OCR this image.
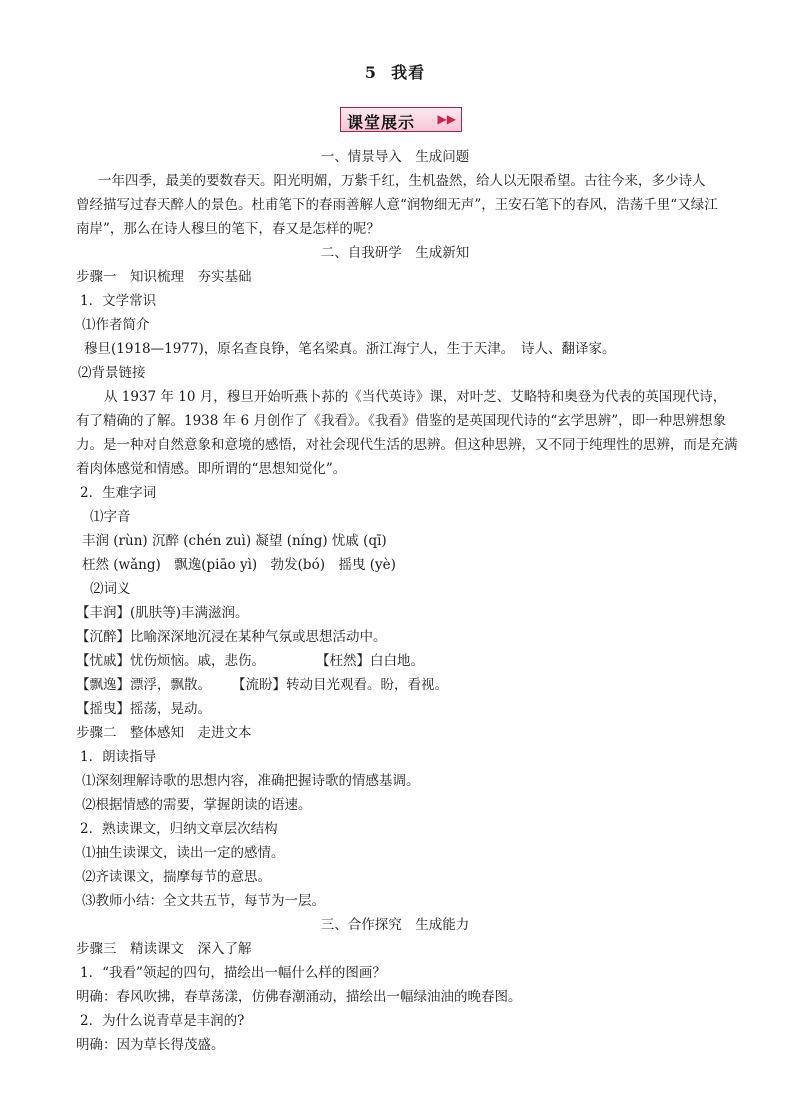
5 我看
课堂展示 ▶▶
一、情景导入　生成问题
一年四季，最美的要数春天。阳光明媚，万紫千红，生机盎然，给人以无限希望。古往今来，多少诗人
曾经描写过春天醉人的景色。杜甫笔下的春雨善解人意“润物细无声”，王安石笔下的春风，浩荡千里“又绿江
南岸”，那么在诗人穆旦的笔下，春又是怎样的呢？
二、自我研学　生成新知
步骤一　知识梳理　夯实基础
1．文学常识
⑴作者简介
穆旦(1918—1977)，原名查良铮，笔名梁真。浙江海宁人，生于天津。　诗人、翻译家。
⑵背景链接
从 1937 年 10 月，穆旦开始听燕卜荪的《当代英诗》课，对叶芝、艾略特和奥登为代表的英国现代诗，
有了精确的了解。1938 年 6 月创作了《我看》。《我看》借鉴的是英国现代诗的“玄学思辨”，即一种思辨想象
力。是一种对自然意象和意境的感悟，对社会现代生活的思辨。但这种思辨，又不同于纯理性的思辨，而是充满
着肉体感觉和情感。即所谓的“思想知觉化”。
2．生难字词
⑴字音
丰润 (rùn) 沉醉 (chén zuì) 凝望 (níng) 忧戚 (qī)
枉然 (wǎng)　飘逸(piāo yì)　勃发(bó)　摇曳 (yè)
⑵词义
【丰润】(肌肤等)丰满滋润。
【沉醉】比喻深深地沉浸在某种气氛或思想活动中。
【忧戚】忧伤烦恼。戚，悲伤。	【枉然】白白地。
【飘逸】漂浮，飘散。 【流盼】转动目光观看。盼，看视。
【摇曳】摇荡，晃动。
步骤二　整体感知　走进文本
1．朗读指导
⑴深刻理解诗歌的思想内容，准确把握诗歌的情感基调。
⑵根据情感的需要，掌握朗读的语速。
2．熟读课文，归纳文章层次结构
⑴抽生读课文，读出一定的感情。
⑵齐读课文，揣摩每节的意思。
⑶教师小结：全文共五节，每节为一层。
三、合作探究　生成能力
步骤三　精读课文　深入了解
1．“我看”领起的四句，描绘出一幅什么样的图画？
明确：春风吹拂，春草荡漾，仿佛春潮涌动，描绘出一幅绿油油的晚春图。
2．为什么说青草是丰润的?
明确：因为草长得茂盛。
